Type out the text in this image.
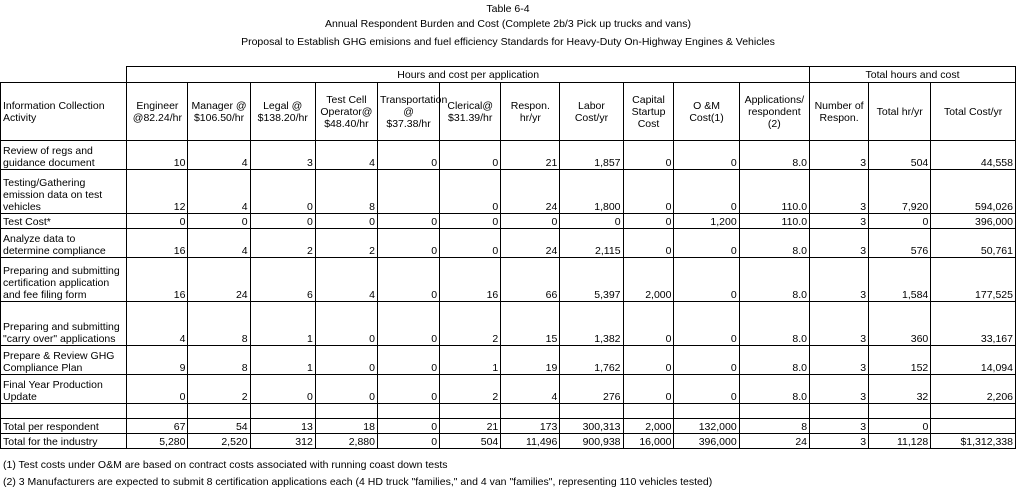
Table 6-4
Annual Respondent Burden and Cost (Complete 2b/3 Pick up trucks and vans)
Proposal to Establish GHG emisions and fuel efficiency Standards for Heavy-Duty On-Highway Engines & Vehicles
	Hours and cost per application											Total hours and cost		
Information Collection Activity	Engineer @82.24/hr	Manager @ $106.50/hr	Legal @ $138.20/hr	Test Cell Operator@ $48.40/hr	Transportation @ $37.38/hr	Clerical@ $31.39/hr	Respon. hr/yr	Labor Cost/yr	Capital Startup Cost	O &M Cost(1)	Applications/ respondent (2)	Number of Respon.	Total hr/yr	Total Cost/yr
Review of regs and guidance document	10	4	3	4	0	0	21	1,857	0	0	8.0	3	504	44,558
Testing/Gathering emission data on test vehicles	12	4	0	8		0	24	1,800	0	0	110.0	3	7,920	594,026
Test Cost*	0	0	0	0	0	0	0	0	0	1,200	110.0	3	0	396,000
Analyze data to determine compliance	16	4	2	2	0	0	24	2,115	0	0	8.0	3	576	50,761
Preparing and submitting certification application and fee filing form	16	24	6	4	0	16	66	5,397	2,000	0	8.0	3	1,584	177,525
Preparing and submitting "carry over" applications	4	8	1	0	0	2	15	1,382	0	0	8.0	3	360	33,167
Prepare & Review GHG Compliance Plan	9	8	1	0	0	1	19	1,762	0	0	8.0	3	152	14,094
Final Year Production Update	0	2	0	0	0	2	4	276	0	0	8.0	3	32	2,206

Total per respondent	67	54	13	18	0	21	173	300,313	2,000	132,000	8	3	0	
Total for the industry	5,280	2,520	312	2,880	0	504	11,496	900,938	16,000	396,000	24	3	11,128	$1,312,338
(1) Test costs under O&M are based on contract costs associated with running coast down tests
(2) 3 Manufacturers are expected to submit 8 certification applications each (4 HD truck "families," and 4 van "families", representing 110 vehicles tested)
